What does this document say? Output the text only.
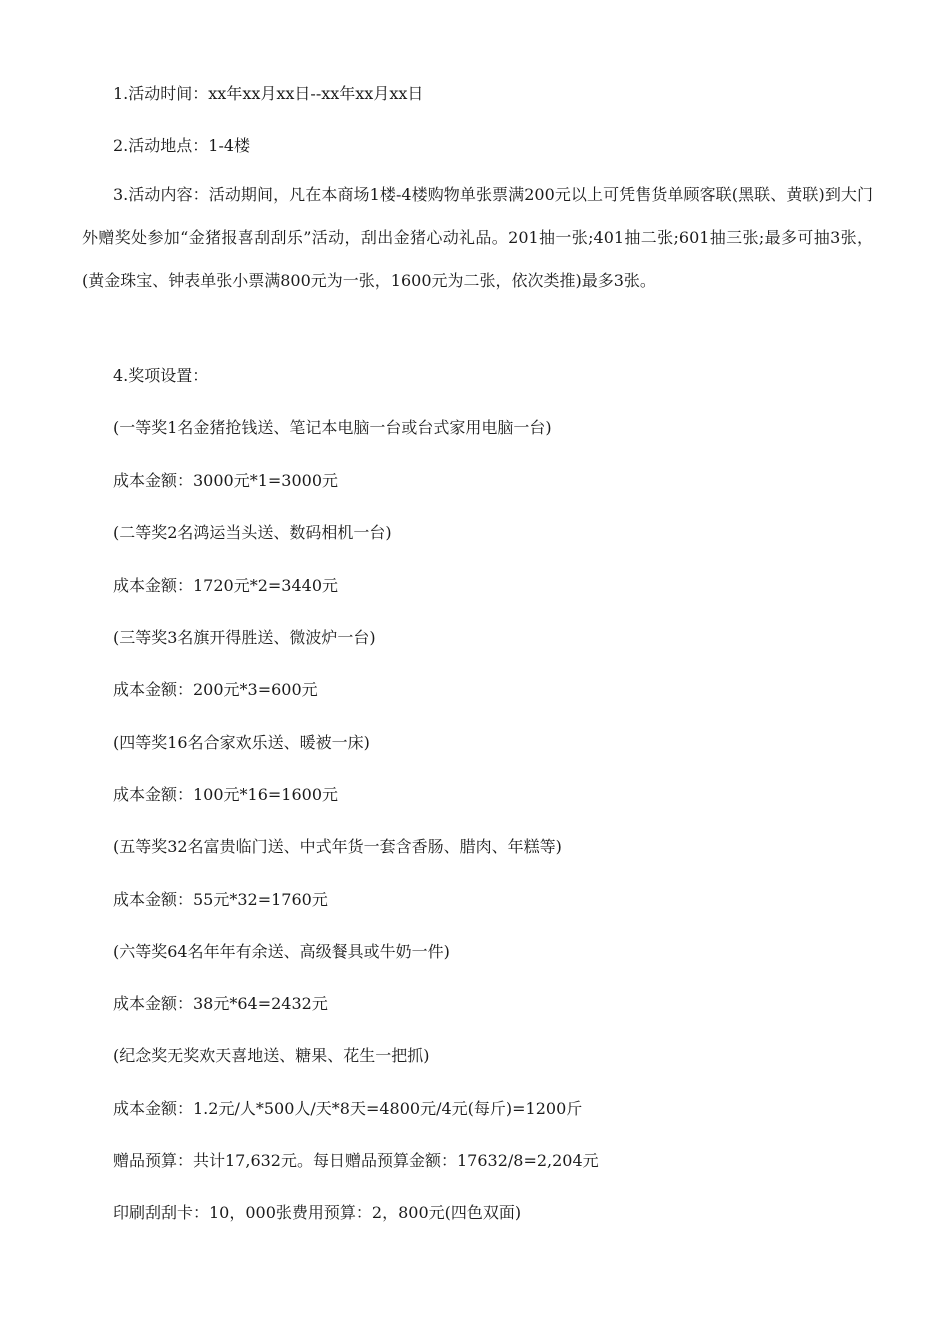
1.活动时间：xx年xx月xx日--xx年xx月xx日
2.活动地点：1-4楼
3.活动内容：活动期间，凡在本商场1楼-4楼购物单张票满200元以上可凭售货单顾客联(黑联、黄联)到大门外赠奖处参加“金猪报喜刮刮乐”活动，刮出金猪心动礼品。201抽一张;401抽二张;601抽三张;最多可抽3张，(黄金珠宝、钟表单张小票满800元为一张，1600元为二张，依次类推)最多3张。
4.奖项设置：
(一等奖1名金猪抢钱送、笔记本电脑一台或台式家用电脑一台)
成本金额：3000元*1=3000元
(二等奖2名鸿运当头送、数码相机一台)
成本金额：1720元*2=3440元
(三等奖3名旗开得胜送、微波炉一台)
成本金额：200元*3=600元
(四等奖16名合家欢乐送、暖被一床)
成本金额：100元*16=1600元
(五等奖32名富贵临门送、中式年货一套含香肠、腊肉、年糕等)
成本金额：55元*32=1760元
(六等奖64名年年有余送、高级餐具或牛奶一件)
成本金额：38元*64=2432元
(纪念奖无奖欢天喜地送、糖果、花生一把抓)
成本金额：1.2元/人*500人/天*8天=4800元/4元(每斤)=1200斤
赠品预算：共计17,632元。每日赠品预算金额：17632/8=2,204元
印刷刮刮卡：10，000张费用预算：2，800元(四色双面)
